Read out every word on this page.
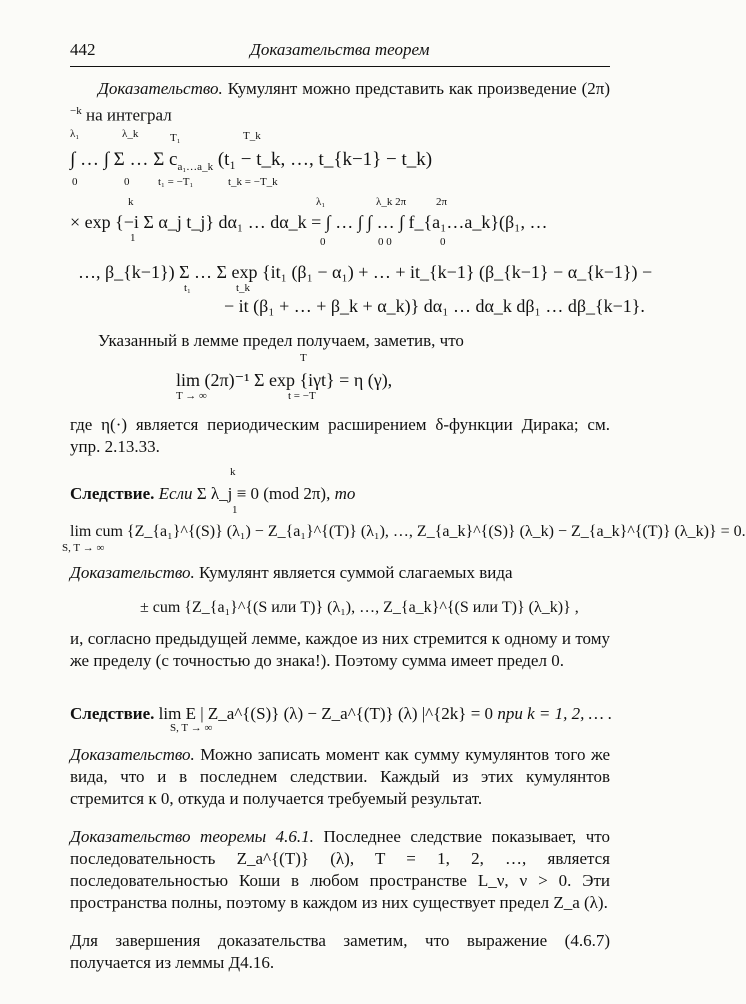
442	Доказательства теорем
Доказательство. Кумулянт можно представить как произведение $(2\pi)^{-k}$ на интеграл
λ₁	λ_k	T₁	T_k
∫ … ∫ Σ … Σ $c_{a_1\dots a\_k}$ (t₁ − t_k, …, t_{k−1} − t_k)
0	0	t₁ = −T₁	t_k = −T_k
k	λ₁	λ_k 2π	2π
× exp {−i Σ α_j t_j} dα₁ … dα_k = ∫ … ∫ ∫ … ∫ f_{a₁…a_k}(β₁, …
1	0	0 0	0
…, β_{k−1}) Σ … Σ exp {it₁ (β₁ − α₁) + … + it_{k−1} (β_{k−1} − α_{k−1}) −
t₁	t_k
− it (β₁ + … + β_k + α_k)} dα₁ … dα_k dβ₁ … dβ_{k−1}.
Указанный в лемме предел получаем, заметив, что
T
lim (2π)⁻¹ Σ exp {iγt} = η (γ),
T → ∞	t = −T
где η(·) является периодическим расширением δ-функции Дирака; см. упр. 2.13.33.
k
Следствие. Если Σ λ_j ≡ 0 (mod 2π), то
1
lim cum {Z_{a₁}^{(S)} (λ₁) − Z_{a₁}^{(T)} (λ₁), …, Z_{a_k}^{(S)} (λ_k) − Z_{a_k}^{(T)} (λ_k)} = 0.
S, T → ∞
Доказательство. Кумулянт является суммой слагаемых вида
± cum {Z_{a₁}^{(S или T)} (λ₁), …, Z_{a_k}^{(S или T)} (λ_k)} ,
и, согласно предыдущей лемме, каждое из них стремится к одному и тому же пределу (с точностью до знака!). Поэтому сумма имеет предел 0.
Следствие. lim E | Z_a^{(S)} (λ) − Z_a^{(T)} (λ) |^{2k} = 0 при k = 1, 2, … .
S, T → ∞
Доказательство. Можно записать момент как сумму кумулянтов того же вида, что и в последнем следствии. Каждый из этих кумулянтов стремится к 0, откуда и получается требуемый результат.
Доказательство теоремы 4.6.1. Последнее следствие показывает, что последовательность Z_a^{(T)} (λ), T = 1, 2, …, является последовательностью Коши в любом пространстве L_ν, ν > 0. Эти пространства полны, поэтому в каждом из них существует предел Z_a (λ).
Для завершения доказательства заметим, что выражение (4.6.7) получается из леммы Д4.16.
